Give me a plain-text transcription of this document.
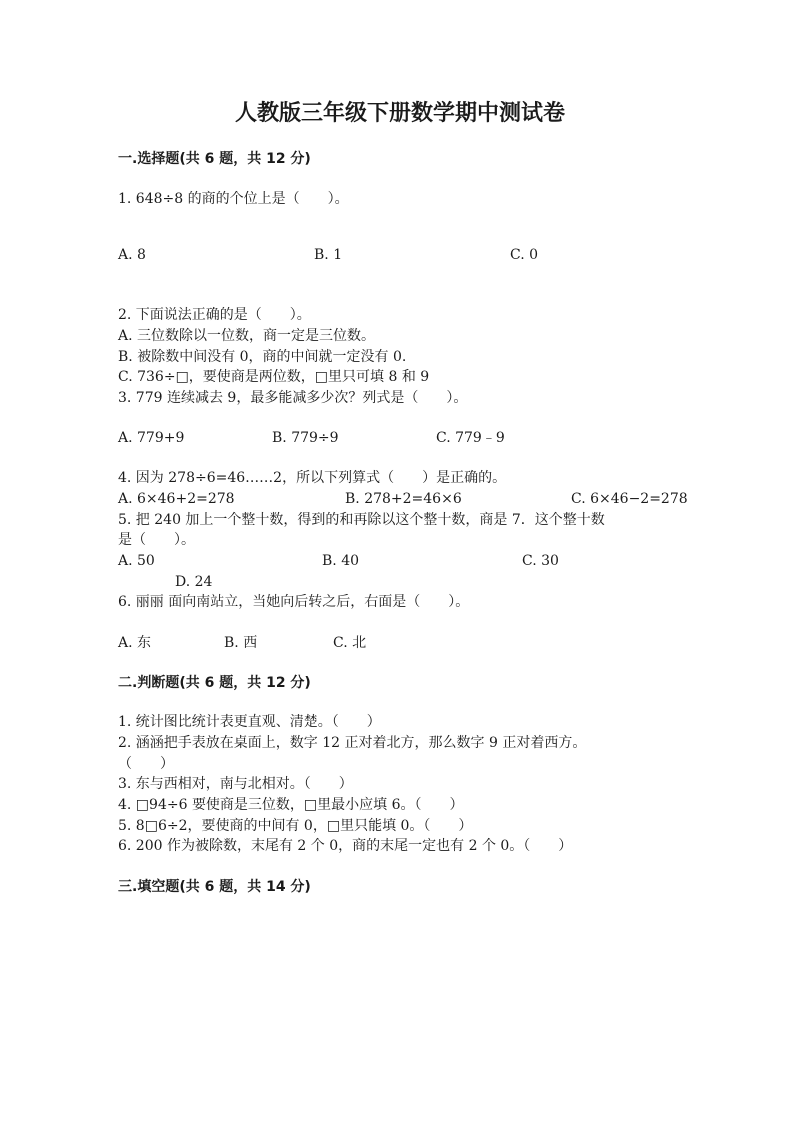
人教版三年级下册数学期中测试卷
一.选择题(共 6 题，共 12 分)
1. 648÷8 的商的个位上是（　　）。
A. 8	B. 1	C. 0
2. 下面说法正确的是（　　）。
A. 三位数除以一位数，商一定是三位数。
B. 被除数中间没有 0，商的中间就一定没有 0.
C. 736÷□，要使商是两位数，□里只可填 8 和 9
3. 779 连续减去 9，最多能减多少次？列式是（　　）。
A. 779+9	B. 779÷9	C. 779﹣9
4. 因为 278÷6=46……2，所以下列算式（　　）是正确的。
A. 6×46+2=278	B. 278+2=46×6	C. 6×46−2=278
5. 把 240 加上一个整十数，得到的和再除以这个整十数，商是 7．这个整十数
是（　　）。
A. 50	B. 40	C. 30
D. 24
6. 丽丽 面向南站立，当她向后转之后，右面是（　　）。
A. 东	B. 西	C. 北
二.判断题(共 6 题，共 12 分)
1. 统计图比统计表更直观、清楚。（　　）
2. 涵涵把手表放在桌面上，数字 12 正对着北方，那么数字 9 正对着西方。
（　　）
3. 东与西相对，南与北相对。（　　）
4. □94÷6 要使商是三位数，□里最小应填 6。（　　）
5. 8□6÷2，要使商的中间有 0，□里只能填 0。（　　）
6. 200 作为被除数，末尾有 2 个 0，商的末尾一定也有 2 个 0。（　　）
三.填空题(共 6 题，共 14 分)
